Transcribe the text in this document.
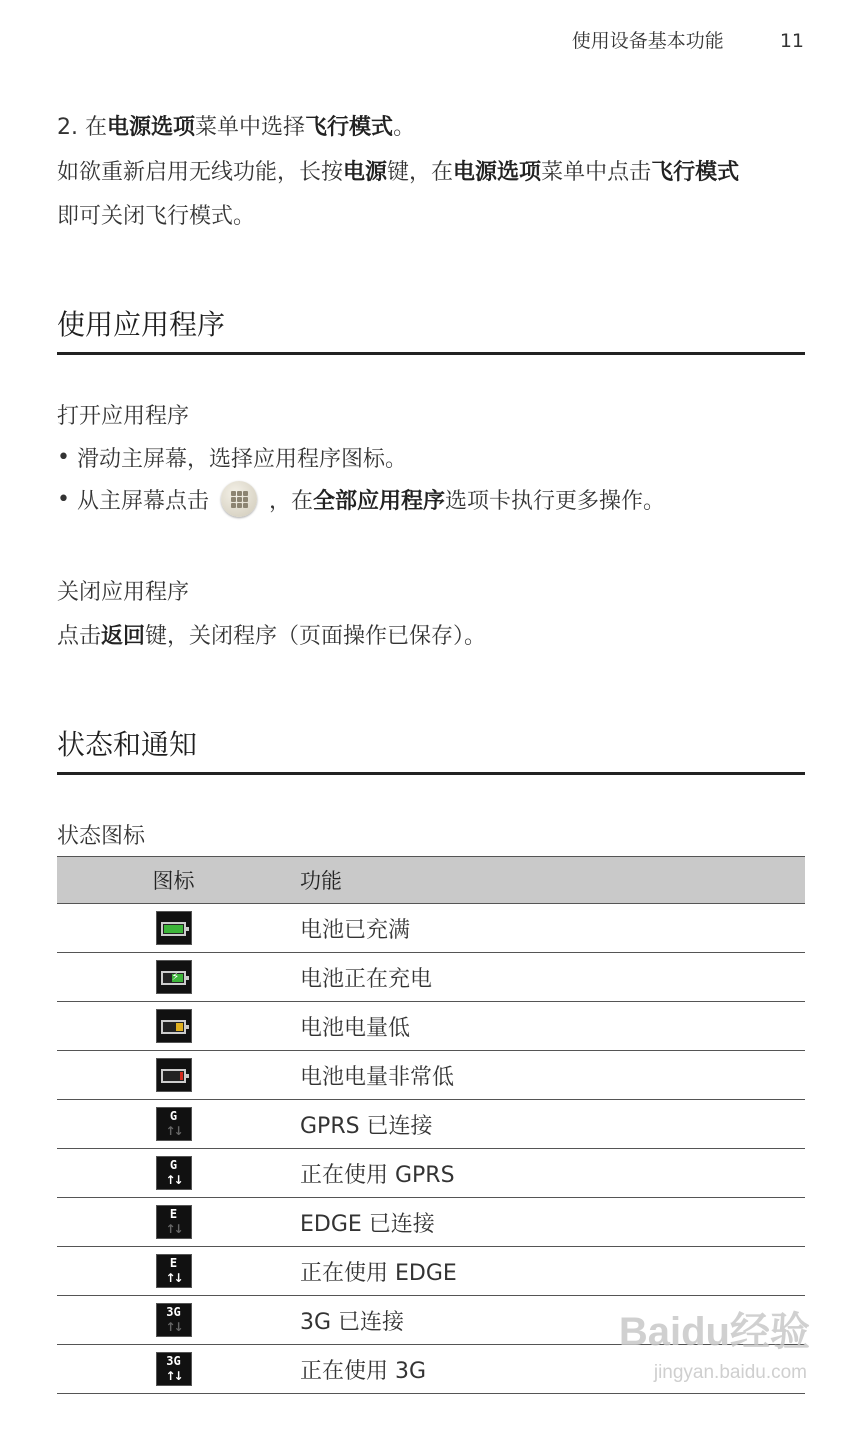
使用设备基本功能	11
2. 在电源选项菜单中选择飞行模式。
如欲重新启用无线功能，长按电源键，在电源选项菜单中点击飞行模式
即可关闭飞行模式。
使用应用程序
打开应用程序
• 滑动主屏幕，选择应用程序图标。
• 从主屏幕点击	，在 全部应用程序 选项卡执行更多操作。
关闭应用程序
点击返回键，关闭程序（页面操作已保存）。
状态和通知
状态图标
图标	功能

	电池已充满

⚡	电池正在充电

	电池电量低

	电池电量非常低

G
↑↓	GPRS 已连接

G
↑↓	正在使用 GPRS

E
↑↓	EDGE 已连接

E
↑↓	正在使用 EDGE

3G
↑↓	3G 已连接

3G
↑↓	正在使用 3G
Baidu经验
jingyan.baidu.com
